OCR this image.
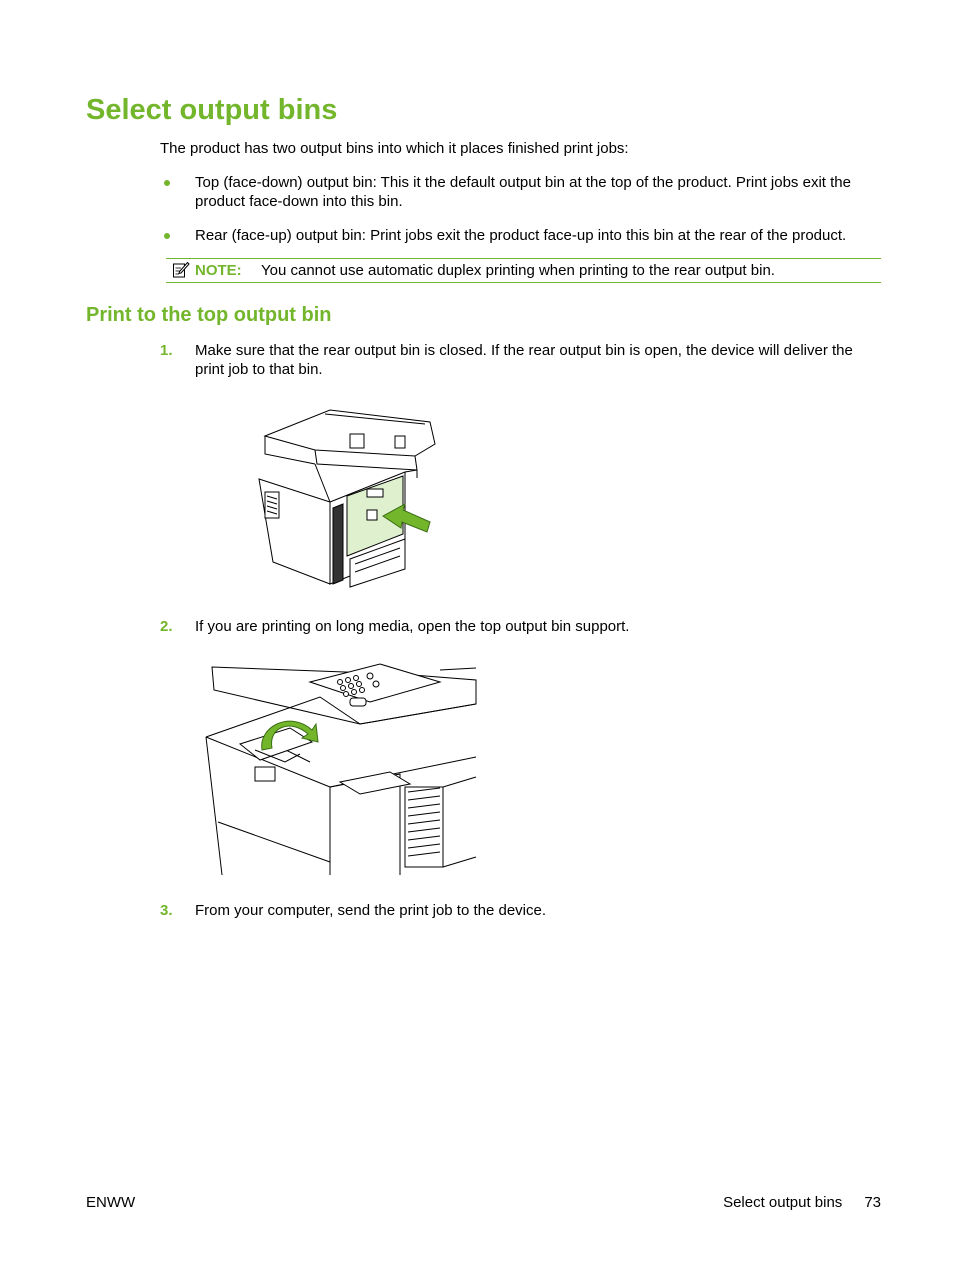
Select output bins
The product has two output bins into which it places finished print jobs:
Top (face-down) output bin: This it the default output bin at the top of the product. Print jobs exit the product face-down into this bin.
Rear (face-up) output bin: Print jobs exit the product face-up into this bin at the rear of the product.
NOTE: You cannot use automatic duplex printing when printing to the rear output bin.
Print to the top output bin
1. Make sure that the rear output bin is closed. If the rear output bin is open, the device will deliver the print job to that bin.
2. If you are printing on long media, open the top output bin support.
3. From your computer, send the print job to the device.
ENWW	Select output bins 73
